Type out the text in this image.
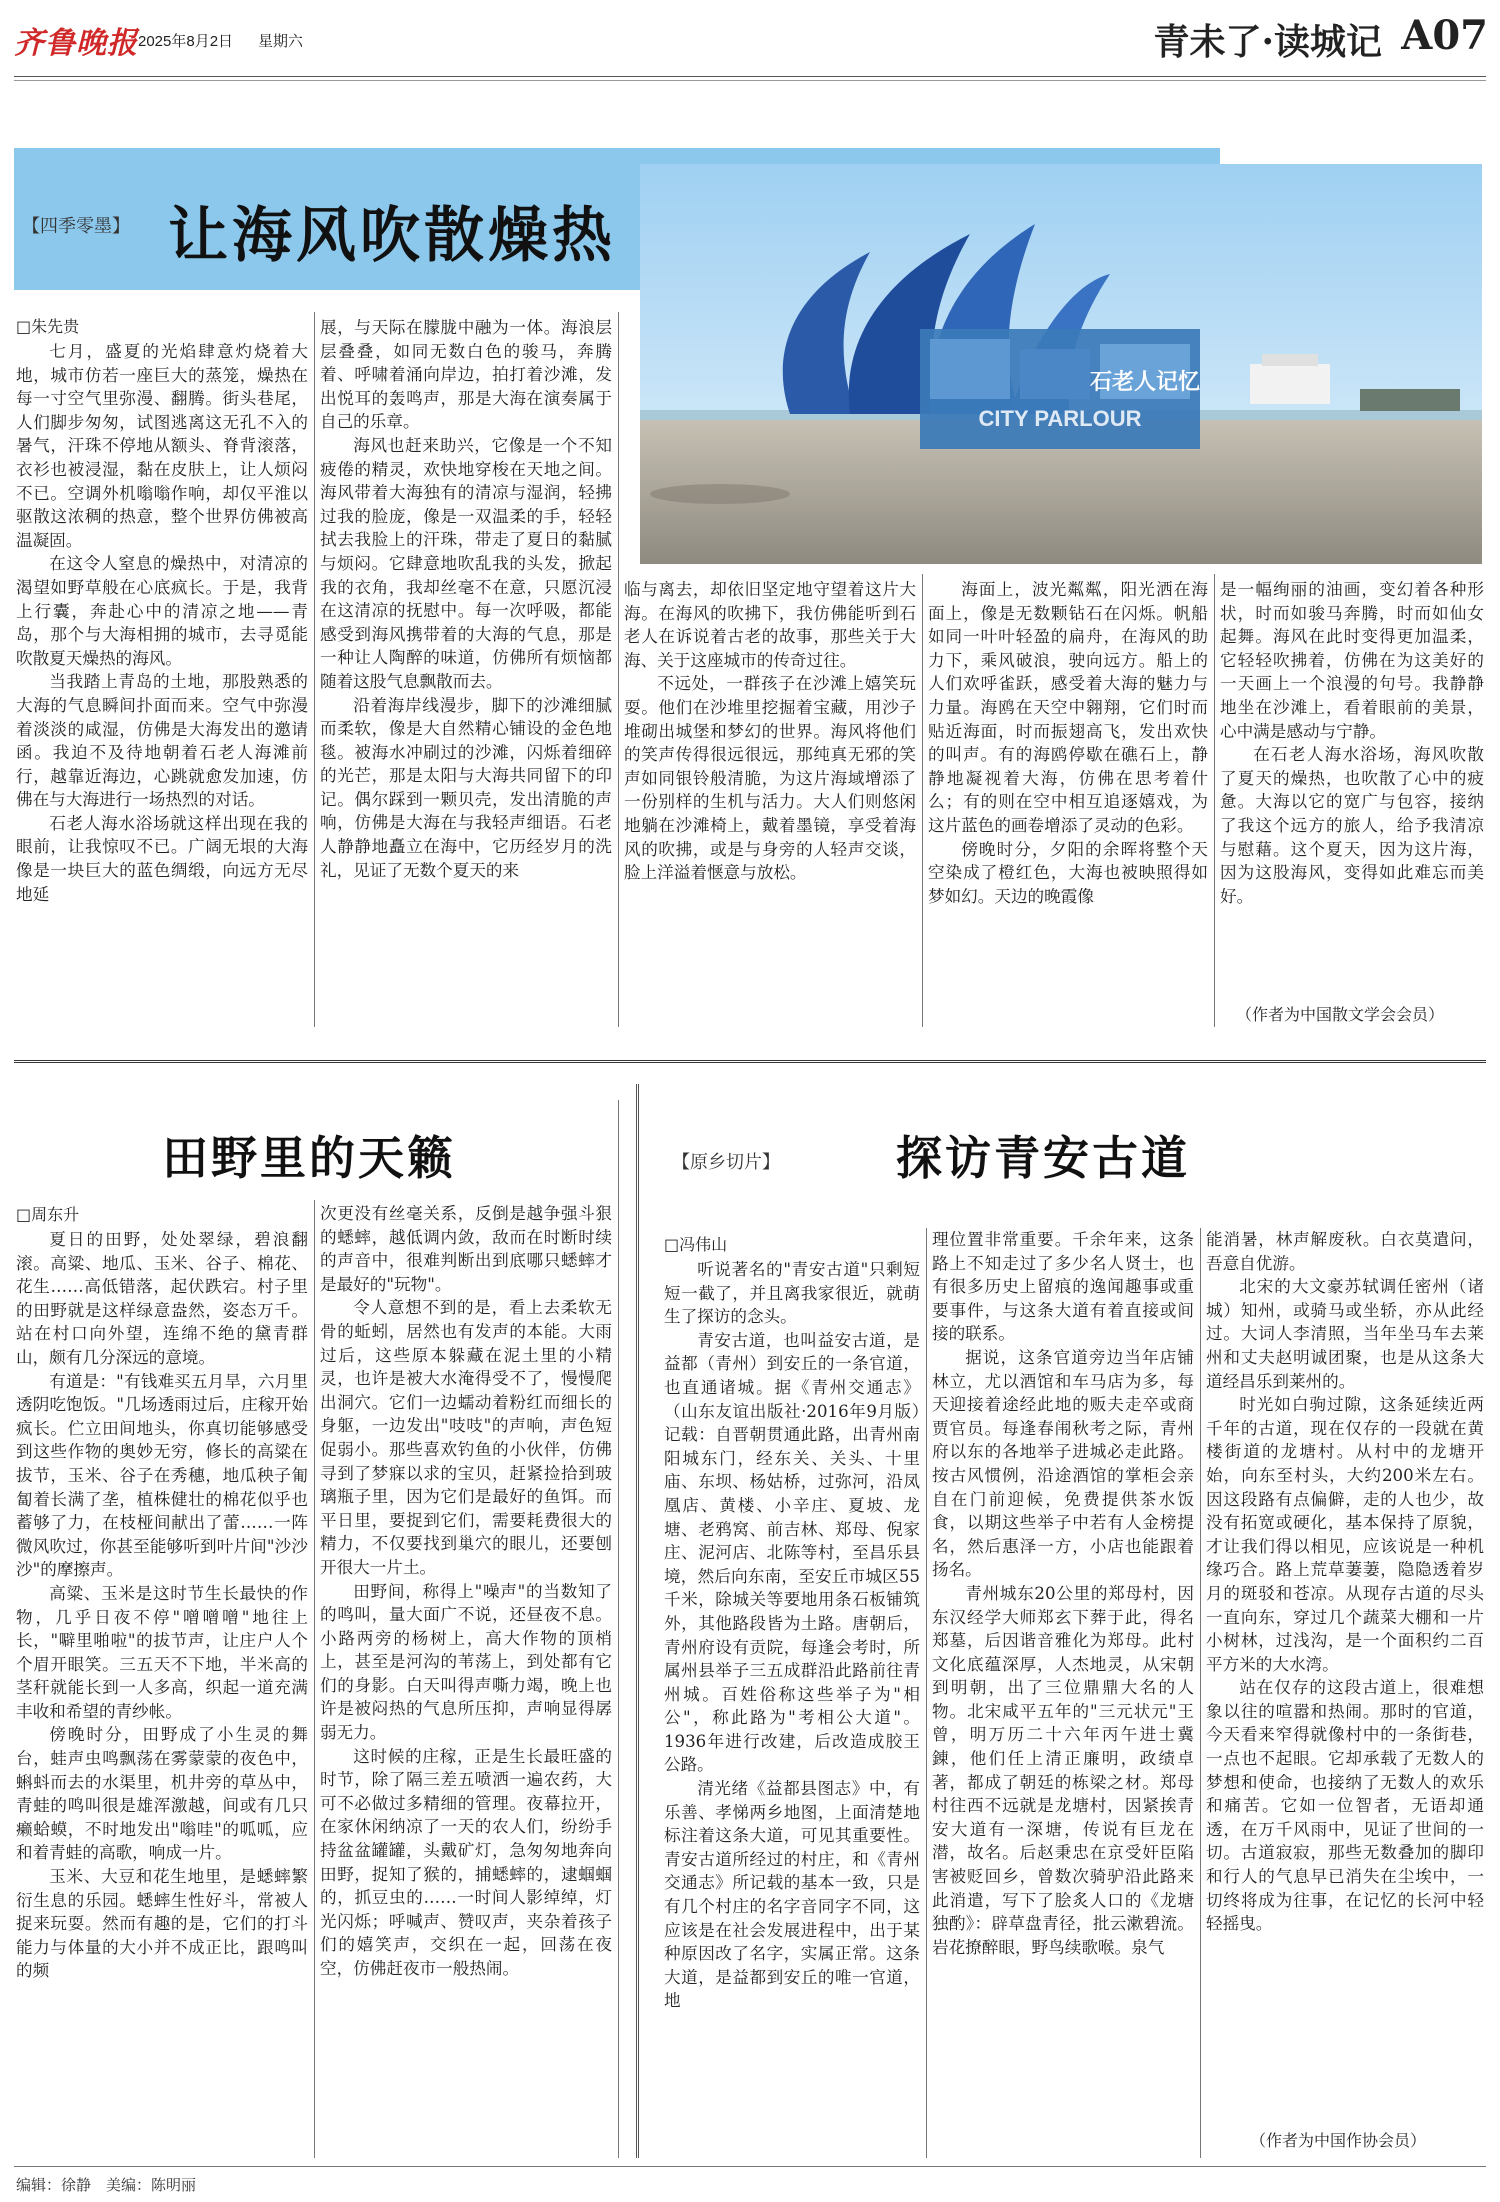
齐鲁晚报 2025年8月2日 星期六	青未了·读城记 A07
【四季零墨】 让海风吹散燥热
CITY PARLOUR
石老人记忆
□朱先贵

七月，盛夏的光焰肆意灼烧着大地，城市仿若一座巨大的蒸笼，燥热在每一寸空气里弥漫、翻腾。街头巷尾，人们脚步匆匆，试图逃离这无孔不入的暑气，汗珠不停地从额头、脊背滚落，衣衫也被浸湿，黏在皮肤上，让人烦闷不已。空调外机嗡嗡作响，却仅平淮以驱散这浓稠的热意，整个世界仿佛被高温凝固。

在这令人窒息的燥热中，对清凉的渴望如野草般在心底疯长。于是，我背上行囊，奔赴心中的清凉之地——青岛，那个与大海相拥的城市，去寻觅能吹散夏天燥热的海风。

当我踏上青岛的土地，那股熟悉的大海的气息瞬间扑面而来。空气中弥漫着淡淡的咸湿，仿佛是大海发出的邀请函。我迫不及待地朝着石老人海滩前行，越靠近海边，心跳就愈发加速，仿佛在与大海进行一场热烈的对话。

石老人海水浴场就这样出现在我的眼前，让我惊叹不已。广阔无垠的大海像是一块巨大的蓝色绸缎，向远方无尽地延

展，与天际在朦胧中融为一体。海浪层层叠叠，如同无数白色的骏马，奔腾着、呼啸着涌向岸边，拍打着沙滩，发出悦耳的轰鸣声，那是大海在演奏属于自己的乐章。

海风也赶来助兴，它像是一个不知疲倦的精灵，欢快地穿梭在天地之间。海风带着大海独有的清凉与湿润，轻拂过我的脸庞，像是一双温柔的手，轻轻拭去我脸上的汗珠，带走了夏日的黏腻与烦闷。它肆意地吹乱我的头发，掀起我的衣角，我却丝毫不在意，只愿沉浸在这清凉的抚慰中。每一次呼吸，都能感受到海风携带着的大海的气息，那是一种让人陶醉的味道，仿佛所有烦恼都随着这股气息飘散而去。

沿着海岸线漫步，脚下的沙滩细腻而柔软，像是大自然精心铺设的金色地毯。被海水冲刷过的沙滩，闪烁着细碎的光芒，那是太阳与大海共同留下的印记。偶尔踩到一颗贝壳，发出清脆的声响，仿佛是大海在与我轻声细语。石老人静静地矗立在海中，它历经岁月的洗礼，见证了无数个夏天的来

临与离去，却依旧坚定地守望着这片大海。在海风的吹拂下，我仿佛能听到石老人在诉说着古老的故事，那些关于大海、关于这座城市的传奇过往。

不远处，一群孩子在沙滩上嬉笑玩耍。他们在沙堆里挖掘着宝藏，用沙子堆砌出城堡和梦幻的世界。海风将他们的笑声传得很远很远，那纯真无邪的笑声如同银铃般清脆，为这片海域增添了一份别样的生机与活力。大人们则悠闲地躺在沙滩椅上，戴着墨镜，享受着海风的吹拂，或是与身旁的人轻声交谈，脸上洋溢着惬意与放松。

海面上，波光粼粼，阳光洒在海面上，像是无数颗钻石在闪烁。帆船如同一叶叶轻盈的扁舟，在海风的助力下，乘风破浪，驶向远方。船上的人们欢呼雀跃，感受着大海的魅力与力量。海鸥在天空中翱翔，它们时而贴近海面，时而振翅高飞，发出欢快的叫声。有的海鸥停歇在礁石上，静静地凝视着大海，仿佛在思考着什么；有的则在空中相互追逐嬉戏，为这片蓝色的画卷增添了灵动的色彩。

傍晚时分，夕阳的余晖将整个天空染成了橙红色，大海也被映照得如梦如幻。天边的晚霞像

是一幅绚丽的油画，变幻着各种形状，时而如骏马奔腾，时而如仙女起舞。海风在此时变得更加温柔，它轻轻吹拂着，仿佛在为这美好的一天画上一个浪漫的句号。我静静地坐在沙滩上，看着眼前的美景，心中满是感动与宁静。

在石老人海水浴场，海风吹散了夏天的燥热，也吹散了心中的疲惫。大海以它的宽广与包容，接纳了我这个远方的旅人，给予我清凉与慰藉。这个夏天，因为这片海，因为这股海风，变得如此难忘而美好。

（作者为中国散文学会会员）
田野里的天籁
□周东升

夏日的田野，处处翠绿，碧浪翻滚。高粱、地瓜、玉米、谷子、棉花、花生……高低错落，起伏跌宕。村子里的田野就是这样绿意盎然，姿态万千。站在村口向外望，连绵不绝的黛青群山，颇有几分深远的意境。

有道是："有钱难买五月旱，六月里透阴吃饱饭。"几场透雨过后，庄稼开始疯长。伫立田间地头，你真切能够感受到这些作物的奥妙无穷，修长的高粱在拔节，玉米、谷子在秀穗，地瓜秧子匍匐着长满了垄，植株健壮的棉花似乎也蓄够了力，在枝桠间献出了蕾……一阵微风吹过，你甚至能够听到叶片间"沙沙沙"的摩擦声。

高粱、玉米是这时节生长最快的作物，几乎日夜不停"噌噌噌"地往上长，"噼里啪啦"的拔节声，让庄户人个个眉开眼笑。三五天不下地，半米高的茎秆就能长到一人多高，织起一道充满丰收和希望的青纱帐。

傍晚时分，田野成了小生灵的舞台，蛙声虫鸣飘荡在雾蒙蒙的夜色中，蝌蚪而去的水渠里，机井旁的草丛中，青蛙的鸣叫很是雄浑激越，间或有几只癞蛤蟆，不时地发出"嗡哇"的呱呱，应和着青蛙的高歌，响成一片。

玉米、大豆和花生地里，是蟋蟀繁衍生息的乐园。蟋蟀生性好斗，常被人捉来玩耍。然而有趣的是，它们的打斗能力与体量的大小并不成正比，跟鸣叫的频

次更没有丝毫关系，反倒是越争强斗狠的蟋蟀，越低调内敛，敌而在时断时续的声音中，很难判断出到底哪只蟋蟀才是最好的"玩物"。

令人意想不到的是，看上去柔软无骨的蚯蚓，居然也有发声的本能。大雨过后，这些原本躲藏在泥土里的小精灵，也许是被大水淹得受不了，慢慢爬出洞穴。它们一边蠕动着粉红而细长的身躯，一边发出"吱吱"的声响，声色短促弱小。那些喜欢钓鱼的小伙伴，仿佛寻到了梦寐以求的宝贝，赶紧捡拾到玻璃瓶子里，因为它们是最好的鱼饵。而平日里，要捉到它们，需要耗费很大的精力，不仅要找到巢穴的眼儿，还要刨开很大一片土。

田野间，称得上"噪声"的当数知了的鸣叫，量大面广不说，还昼夜不息。小路两旁的杨树上，高大作物的顶梢上，甚至是河沟的苇荡上，到处都有它们的身影。白天叫得声嘶力竭，晚上也许是被闷热的气息所压抑，声响显得孱弱无力。

这时候的庄稼，正是生长最旺盛的时节，除了隔三差五喷洒一遍农药，大可不必做过多精细的管理。夜幕拉开，在家休闲纳凉了一天的农人们，纷纷手持盆盆罐罐，头戴矿灯，急匆匆地奔向田野，捉知了猴的，捕蟋蟀的，逮蝈蝈的，抓豆虫的……一时间人影绰绰，灯光闪烁；呼喊声、赞叹声，夹杂着孩子们的嬉笑声，交织在一起，回荡在夜空，仿佛赶夜市一般热闹。

【原乡切片】	探访青安古道
□冯伟山

听说著名的"青安古道"只剩短短一截了，并且离我家很近，就萌生了探访的念头。

青安古道，也叫益安古道，是益都（青州）到安丘的一条官道，也直通诸城。据《青州交通志》（山东友谊出版社·2016年9月版）记载：自晋朝贯通此路，出青州南阳城东门，经东关、关头、十里庙、东坝、杨姑桥，过弥河，沿凤凰店、黄楼、小辛庄、夏坡、龙塘、老鸦窝、前吉林、郑母、倪家庄、泥河店、北陈等村，至昌乐县境，然后向东南，至安丘市城区55千米，除城关等要地用条石板铺筑外，其他路段皆为土路。唐朝后，青州府设有贡院，每逢会考时，所属州县举子三五成群沿此路前往青州城。百姓俗称这些举子为"相公"，称此路为"考相公大道"。1936年进行改建，后改造成胶王公路。

清光绪《益都县图志》中，有乐善、孝悌两乡地图，上面清楚地标注着这条大道，可见其重要性。青安古道所经过的村庄，和《青州交通志》所记载的基本一致，只是有几个村庄的名字音同字不同，这应该是在社会发展进程中，出于某种原因改了名字，实属正常。这条大道，是益都到安丘的唯一官道，地

理位置非常重要。千余年来，这条路上不知走过了多少名人贤士，也有很多历史上留痕的逸闻趣事或重要事件，与这条大道有着直接或间接的联系。

据说，这条官道旁边当年店铺林立，尤以酒馆和车马店为多，每天迎接着途经此地的贩夫走卒或商贾官员。每逢春闱秋考之际，青州府以东的各地举子进城必走此路。按古风惯例，沿途酒馆的掌柜会亲自在门前迎候，免费提供茶水饭食，以期这些举子中若有人金榜提名，然后惠泽一方，小店也能跟着扬名。

青州城东20公里的郑母村，因东汉经学大师郑玄下葬于此，得名郑墓，后因谐音雅化为郑母。此村文化底蕴深厚，人杰地灵，从宋朝到明朝，出了三位鼎鼎大名的人物。北宋咸平五年的"三元状元"王曾，明万历二十六年丙午进士冀錬，他们任上清正廉明，政绩卓著，都成了朝廷的栋梁之材。郑母村往西不远就是龙塘村，因紧挨青安大道有一深塘，传说有巨龙在潜，故名。后赵秉忠在京受奸臣陷害被贬回乡，曾数次骑驴沿此路来此消遣，写下了脍炙人口的《龙塘独酌》：辟草盘青径，批云漱碧流。岩花撩醉眼，野鸟续歌喉。泉气

能消暑，林声解废秋。白衣莫遣问，吾意自优游。

北宋的大文豪苏轼调任密州（诸城）知州，或骑马或坐轿，亦从此经过。大词人李清照，当年坐马车去莱州和丈夫赵明诚团聚，也是从这条大道经昌乐到莱州的。

时光如白驹过隙，这条延续近两千年的古道，现在仅存的一段就在黄楼街道的龙塘村。从村中的龙塘开始，向东至村头，大约200米左右。因这段路有点偏僻，走的人也少，故没有拓宽或硬化，基本保持了原貌，才让我们得以相见，应该说是一种机缘巧合。路上荒草萋萋，隐隐透着岁月的斑驳和苍凉。从现存古道的尽头一直向东，穿过几个蔬菜大棚和一片小树林，过浅沟，是一个面积约二百平方米的大水湾。

站在仅存的这段古道上，很难想象以往的喧嚣和热闹。那时的官道，今天看来窄得就像村中的一条街巷，一点也不起眼。它却承载了无数人的梦想和使命，也接纳了无数人的欢乐和痛苦。它如一位智者，无语却通透，在万千风雨中，见证了世间的一切。古道寂寂，那些无数叠加的脚印和行人的气息早已消失在尘埃中，一切终将成为往事，在记忆的长河中轻轻摇曳。

（作者为中国作协会员）
编辑：徐静　美编：陈明丽
